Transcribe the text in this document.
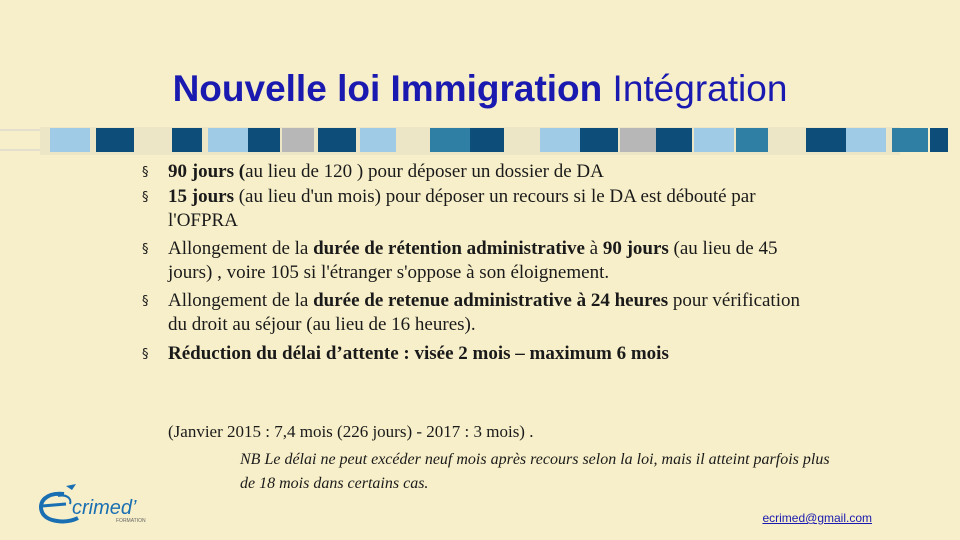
Nouvelle loi Immigration Intégration
§ 90 jours (au lieu de 120 ) pour déposer un dossier de DA
§ 15 jours (au lieu d'un mois) pour déposer un recours si le DA est débouté par l'OFPRA
§ Allongement de la durée de rétention administrative à 90 jours (au lieu de 45 jours) , voire 105 si l'étranger s'oppose à son éloignement.
§ Allongement de la durée de retenue administrative à 24 heures pour vérification du droit au séjour (au lieu de 16 heures).
§ Réduction du délai d’attente : visée 2 mois – maximum 6 mois
(Janvier 2015 : 7,4 mois (226 jours) - 2017 : 3 mois) .
NB Le délai ne peut excéder neuf mois après recours selon la loi, mais il atteint parfois plus de 18 mois dans certains cas.
crimed’
FORMATION	ecrimed@gmail.com
